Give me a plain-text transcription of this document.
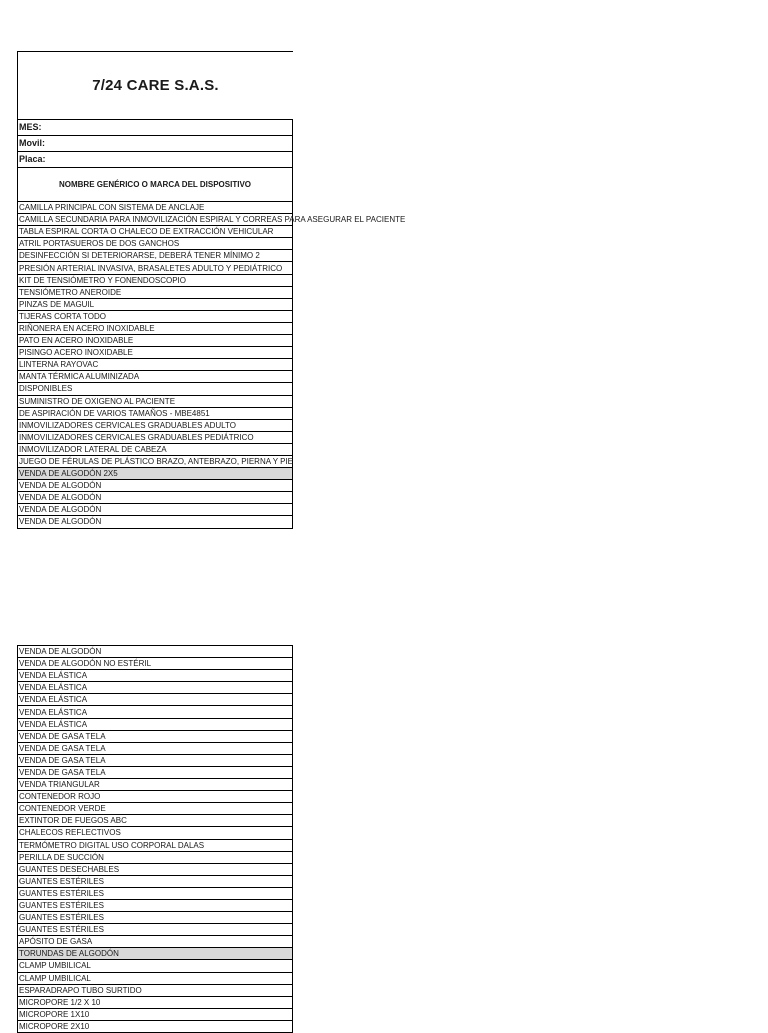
7/24 CARE S.A.S.
MES:
Movil:
Placa:
NOMBRE GENÉRICO O MARCA DEL DISPOSITIVO
CAMILLA PRINCIPAL CON SISTEMA DE ANCLAJE
CAMILLA SECUNDARIA PARA INMOVILIZACIÓN ESPIRAL Y CORREAS PARA ASEGURAR EL PACIENTE
TABLA ESPIRAL CORTA O CHALECO DE EXTRACCIÓN VEHICULAR
ATRIL PORTASUEROS DE DOS GANCHOS
DESINFECCIÓN SI DETERIORARSE, DEBERÁ TENER MÍNIMO 2
PRESIÓN ARTERIAL INVASIVA, BRASALETES ADULTO Y PEDIÁTRICO
KIT DE TENSIÓMETRO Y FONENDOSCOPIO
TENSIÓMETRO ANEROIDE
PINZAS DE MAGUIL
TIJERAS CORTA TODO
RIÑONERA EN ACERO INOXIDABLE
PATO EN ACERO INOXIDABLE
PISINGO ACERO INOXIDABLE
LINTERNA RAYOVAC
MANTA TÉRMICA ALUMINIZADA
DISPONIBLES
SUMINISTRO DE OXIGENO AL PACIENTE
DE ASPIRACIÓN DE VARIOS TAMAÑOS - MBE4851
INMOVILIZADORES CERVICALES GRADUABLES ADULTO
INMOVILIZADORES CERVICALES GRADUABLES PEDIÁTRICO
INMOVILIZADOR LATERAL DE CABEZA
JUEGO DE FÉRULAS DE PLÁSTICO BRAZO, ANTEBRAZO, PIERNA Y PIE
VENDA DE ALGODÓN 2X5
VENDA DE ALGODÓN
VENDA DE ALGODÓN
VENDA DE ALGODÓN
VENDA DE ALGODÓN
VENDA DE ALGODÓN
VENDA DE ALGODÓN NO ESTÉRIL
VENDA ELÁSTICA
VENDA ELÁSTICA
VENDA ELÁSTICA
VENDA ELÁSTICA
VENDA ELÁSTICA
VENDA DE GASA TELA
VENDA DE GASA TELA
VENDA DE GASA TELA
VENDA DE GASA TELA
VENDA TRIANGULAR
CONTENEDOR ROJO
CONTENEDOR VERDE
EXTINTOR DE FUEGOS ABC
CHALECOS REFLECTIVOS
TERMÓMETRO DIGITAL USO CORPORAL DALAS
PERILLA DE SUCCIÓN
GUANTES DESECHABLES
GUANTES ESTÉRILES
GUANTES ESTÉRILES
GUANTES ESTÉRILES
GUANTES ESTÉRILES
GUANTES ESTÉRILES
APÓSITO DE GASA
TORUNDAS DE ALGODÓN
CLAMP UMBILICAL
CLAMP UMBILICAL
ESPARADRAPO TUBO SURTIDO
MICROPORE 1/2 X 10
MICROPORE 1X10
MICROPORE 2X10
